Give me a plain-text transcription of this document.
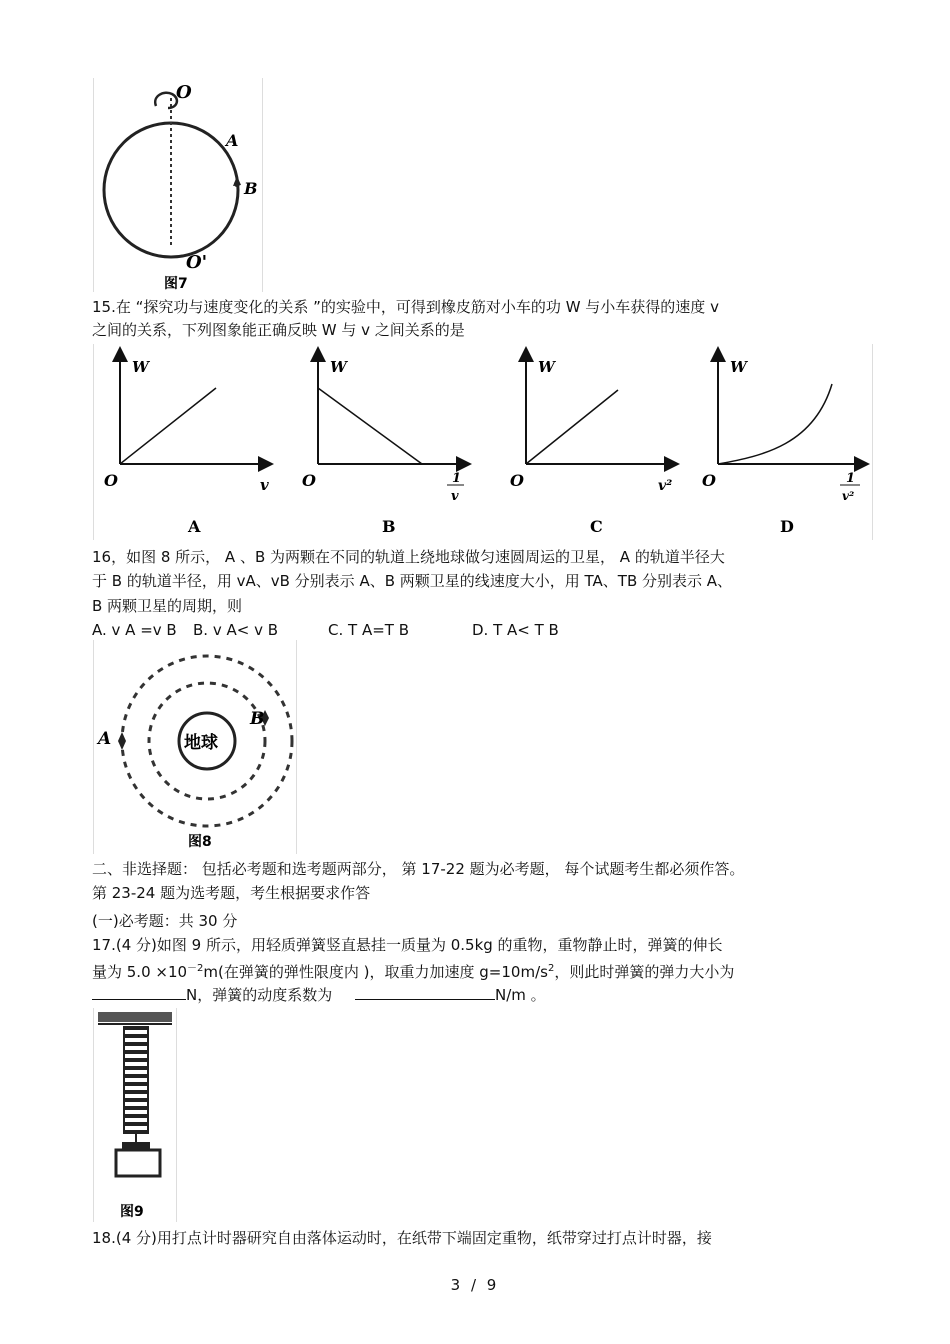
O
A
B
O'
图7
15.在 “探究功与速度变化的关系 ”的实验中，可得到橡皮筋对小车的功 W 与小车获得的速度 v
之间的关系，下列图象能正确反映 W 与 v 之间关系的是
W
O	v
A
W
O	1
v
B
W
O	v²
C
W
O	1
v²
D
16，如图 8 所示， A 、B 为两颗在不同的轨道上绕地球做匀速圆周运的卫星， A 的轨道半径大
于 B 的轨道半径，用 vA、vB 分别表示 A、B 两颗卫星的线速度大小，用 TA、TB 分别表示 A、
B 两颗卫星的周期，则
A. v A =v B B. v A< v B	C. T A=T B	D. T A< T B
地球
A
B
图8
二、非选择题： 包括必考题和选考题两部分， 第 17-22 题为必考题， 每个试题考生都必须作答。
第 23-24 题为选考题，考生根据要求作答
(一)必考题：共 30 分
17.(4 分)如图 9 所示，用轻质弹簧竖直悬挂一质量为 0.5kg 的重物，重物静止时，弹簧的伸长
量为 $5.0 \times 10^{-2}m$(在弹簧的弹性限度内 )，取重力加速度 $g=10m/s^2$，则此时弹簧的弹力大小为
N，弹簧的动度系数为	N/m 。
图9
18.(4 分)用打点计时器研究自由落体运动时，在纸带下端固定重物，纸带穿过打点计时器，接
3 / 9
